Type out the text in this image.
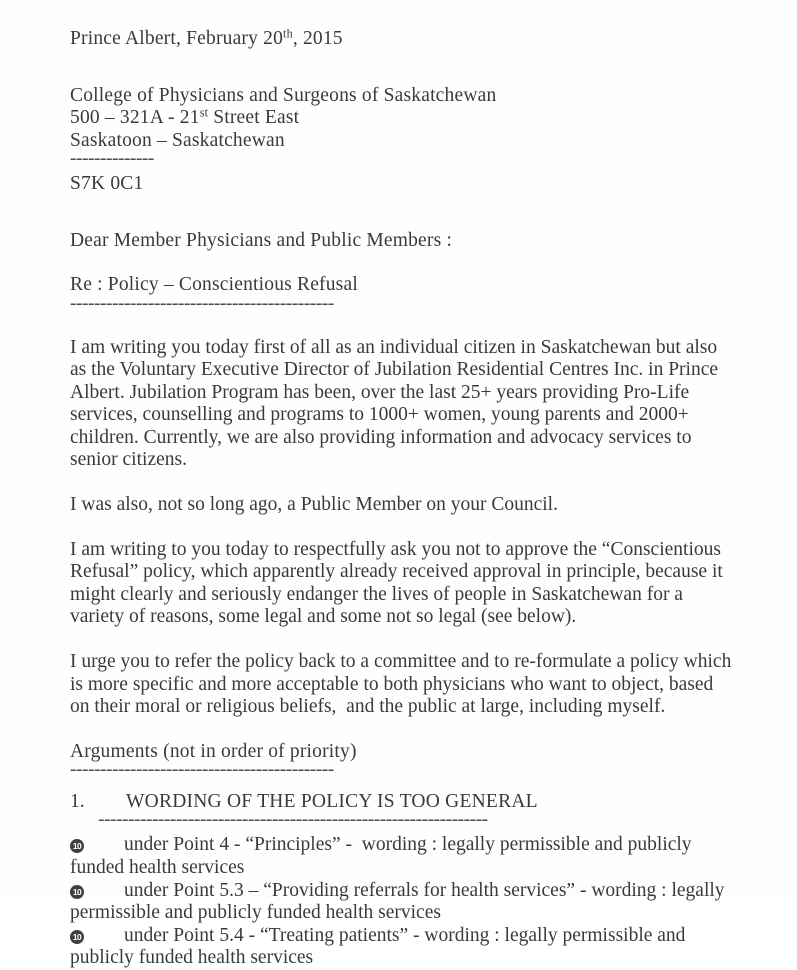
Prince Albert, February 20th, 2015
College of Physicians and Surgeons of Saskatchewan
500 – 321A - 21st Street East
Saskatoon – Saskatchewan
--------------
S7K 0C1
Dear Member Physicians and Public Members :
Re : Policy – Conscientious Refusal
--------------------------------------------
I am writing you today first of all as an individual citizen in Saskatchewan but also as the Voluntary Executive Director of Jubilation Residential Centres Inc. in Prince Albert. Jubilation Program has been, over the last 25+ years providing Pro-Life services, counselling and programs to 1000+ women, young parents and 2000+ children. Currently, we are also providing information and advocacy services to senior citizens.
I was also, not so long ago, a Public Member on your Council.
I am writing to you today to respectfully ask you not to approve the “Conscientious Refusal” policy, which apparently already received approval in principle, because it might clearly and seriously endanger the lives of people in Saskatchewan for a variety of reasons, some legal and some not so legal (see below).
I urge you to refer the policy back to a committee and to re-formulate a policy which is more specific and more acceptable to both physicians who want to object, based on their moral or religious beliefs,  and the public at large, including myself.
Arguments (not in order of priority)
--------------------------------------------
1.	WORDING OF THE POLICY IS TOO GENERAL
-----------------------------------------------------------------
10 under Point 4 - “Principles” -  wording : legally permissible and publicly funded health services
10 under Point 5.3 – “Providing referrals for health services” - wording : legally permissible and publicly funded health services
10 under Point 5.4 - “Treating patients” - wording : legally permissible and publicly funded health services
